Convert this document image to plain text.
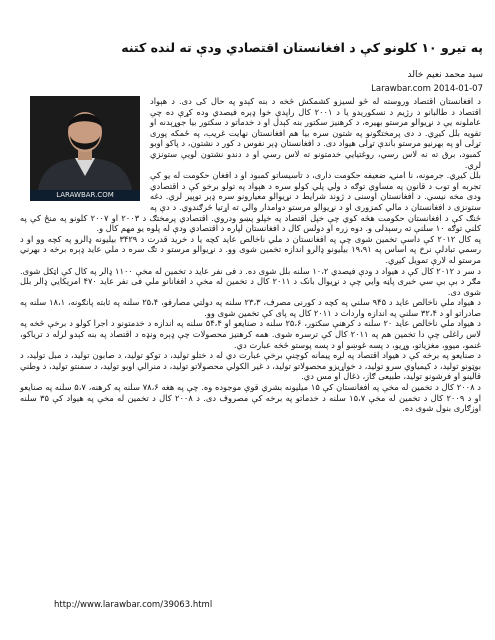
په تیرو ۱۰ کلونو کې د افغانستان اقتصادي ودې ته لنده کتنه
سید محمد نعیم خالد
Larawbar.com 2014-01-07
LARAWBAR.COM

د افغانستان اقتصاد وروسته له څو لسیزو کشمکش څخه د بنه کېدو په حال کی دی. د هېواد اقتصاد د طالبانو د رژیم د نسکوریدو یا د ۲۰۰۱ کال راپدې خوا ډېره فیصدي وده کړې ده چې عاملونه يې د نړیوالو مرستو بهیره، د کرهنیز سکتور بنه کېدل او د خدماتو د سکتور بیا جوړېدنه او تقویه بلل کیږي. د دی پرمختګونو په شتون سره بیا هم افغانستان نهایت غریب، په ځمکه پوری تړلی او په بهرنیو مرستو باندې تړلی هیواد دی. د افغانستان ډېر نفوس د کور د نشتون، د پاکو اوبو کمبود، برق ته نه لاس رسي، روغتیایي خدمتونو ته لاس رسي او د دندو نشتون لویې ستونزي لري.

بلل کیږي. جرمونه، نا امنۍ، ضعیفه حکومت داری، د تاسیساتو کمبود او د افغان حکومت له یو کې تجربه او توب د قانون په مساوي توګه د ولي پلي کولو سره د هېواد په تولو برخو کې د اقتصادي ودی مخه نیسي. د افغانستان اوسنی د ژوند شرایط د نړیوالو معیارونو سره ډېر توپیر لري. دغه ستونزی د افغانستان د مالي کمزوری او د نړیوالو مرستو دوامدار والي ته اړتیا څرګندوي. د دې په څنګ کې د افغانستان حکومت هڅه کوي چې خپل اقتصاد په خپلو پښو ودروي. اقتصادي پرمختګ د ۲۰۰۳ او ۲۰۰۷ کلونو په منځ کې په کلني توګه ۱۰ سلنې ته رسېدلی و. دوه زره او دولس کال د افغانستان لپاره د اقتصادي ودې له پلوه یو مهم کال و.

په کال ۲۰۱۲ کې داسې تخمین شوی چې په افغانستان د ملي ناخالص عاید کچه یا د خرید قدرت د ۳۴۲۹ بیلیونه ډالرو په کچه وو او د رسمي تبادلې نرخ په اساس په ۱۹،۹۱ بیلیونو ډالرو اندازه تخمین شوی وو. د نړیوالو مرستو د تګ سره د ملي عاید ډېره برخه د بهرني مرستو له لارې تمویل کیږي.

د سر د ۲۰۱۲ کال کې د هیواد د ودې فیصدي ۱۰،۲ سلنه بلل شوی ده. د فی نفر عاید د تخمین له مخې ۱۱۰۰ ډالر په کال کې اټکل شوی. مګر د بې بې سي خبری پاڼه وايي چې د نړیوال بانک د ۲۰۱۱ کال د تخمین له مخې د افغانانو ملي فی نفر عاید ۴۷۰ امریکایي ډالر بلل شوی دی.

د هیواد ملي ناخالص عاید د ۹۴۵ سلني په کچه د کورنی مصرف، ۲۳،۳ سلنه په دولتي مصارفو، ۲۵،۴ سلنه په ثابته پانګونه، ۱۸،۱ سلنه په صادراتو او د ۳۲،۴ سلني په اندازه واردات د ۲۰۱۱ کال په پای کې تخمین شوی وو.

د هیواد ملي ناخالص عاید ۲۰ سلنه د کرهنې سکتور، ۲۵،۶ سلنه د صنایعو او ۵۴،۴ سلنه په اندازه د خدمتونو د اجرا کولو د برخې څخه په لاس راغلی چې دا تخمین هم په ۲۰۱۱ کال کې ترسره شوی. همه کرهنیز محصولات چې ډېره ونډه د اقتصاد په بنه کېدو لرله د ترياکو، غنمو، میوو، مغزیاتو، وړیو، د پسه غوښو او د پسه پوستو څخه عبارت دي.

د صنایعو په برخه کې د هیواد اقتصاد په لږه پیمانه کوچنې برخې عبارت دي له د ختلو تولید، د توکو تولید، د صابون تولید، د مبل تولید، د بوټونو تولید، د کیمیاوي سرو تولید، د خواړیزو محصولاتو تولید، د غیر الکولي محصولاتو تولید، د منرالي اوبو تولید، د سمنتو تولید، د وطني قالینو او فرشونو تولید، طبیعی ګاز، ذغال او مس دي.

د ۲۰۰۸ کال د تخمین له مخې په افغانستان کې ۱۵ میلیونه بشري قوې موجوده وه. چې په هغه ۷۸،۶ سلنه په کرهنه، ۵،۷ سلنه په صنایعو او د ۲۰۰۹ کال د تخمین له مخې ۱۵،۷ سلنه د خدماتو په برخه کې مصروف دی. د ۲۰۰۸ کال د تخمین له مخې په هیواد کې ۳۵ سلنه اوزګاری بنول شوی ده.

http://www.larawbar.com/39063.html
